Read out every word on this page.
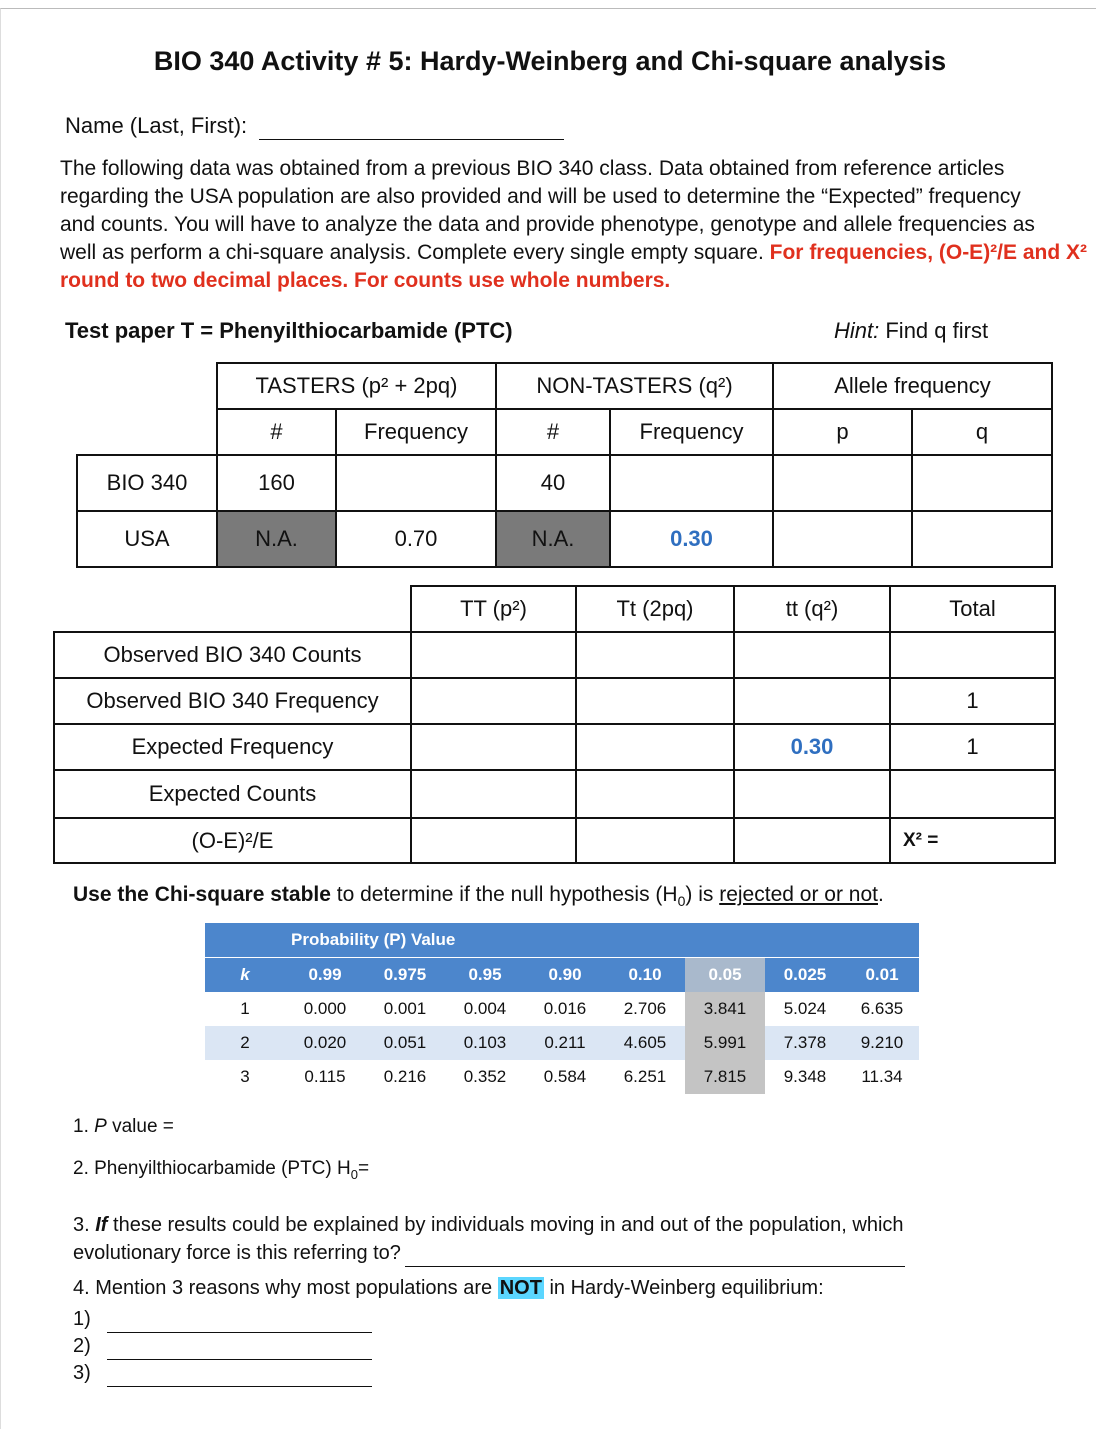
BIO 340 Activity # 5: Hardy-Weinberg and Chi-square analysis
Name (Last, First):
The following data was obtained from a previous BIO 340 class. Data obtained from reference articles
regarding the USA population are also provided and will be used to determine the “Expected” frequency
and counts. You will have to analyze the data and provide phenotype, genotype and allele frequencies as
well as perform a chi-square analysis. Complete every single empty square. For frequencies, (O-E)²/E and X²
round to two decimal places. For counts use whole numbers.
Test paper T = Phenyilthiocarbamide (PTC)	Hint: Find q first
	TASTERS (p² + 2pq)		NON-TASTERS (q²)		Allele frequency	
	#	Frequency	#	Frequency	p	q
BIO 340	160		40			
USA	N.A.	0.70	N.A.	0.30		
	TT (p²)	Tt (2pq)	tt (q²)	Total
Observed BIO 340 Counts				
Observed BIO 340 Frequency				1
Expected Frequency			0.30	1
Expected Counts				
(O-E)²/E				X² =
Use the Chi-square stable to determine if the null hypothesis $(H_0)$ is rejected or or not.
	Probability (P) Value							
k	0.99	0.975	0.95	0.90	0.10	0.05	0.025	0.01
1	0.000	0.001	0.004	0.016	2.706	3.841	5.024	6.635
2	0.020	0.051	0.103	0.211	4.605	5.991	7.378	9.210
3	0.115	0.216	0.352	0.584	6.251	7.815	9.348	11.34
1. P value =
2. Phenyilthiocarbamide (PTC) $H_0=$
3. If these results could be explained by individuals moving in and out of the population, which
evolutionary force is this referring to?
4. Mention 3 reasons why most populations are NOT in Hardy-Weinberg equilibrium:
1)
2)
3)
